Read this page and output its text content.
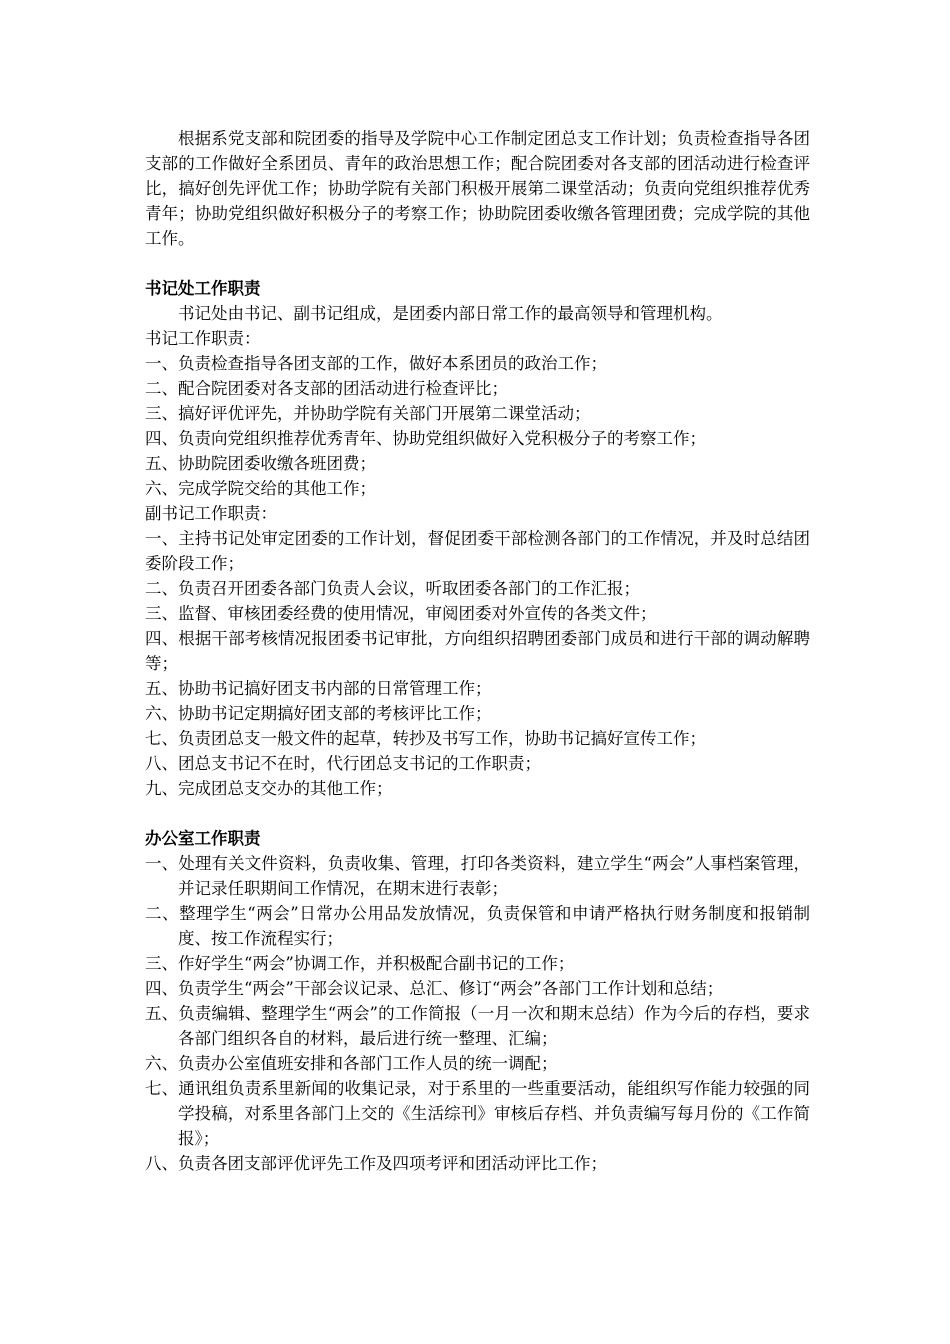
根据系党支部和院团委的指导及学院中心工作制定团总支工作计划；负责检查指导各团支部的工作做好全系团员、青年的政治思想工作；配合院团委对各支部的团活动进行检查评比，搞好创先评优工作；协助学院有关部门积极开展第二课堂活动；负责向党组织推荐优秀青年；协助党组织做好积极分子的考察工作；协助院团委收缴各管理团费；完成学院的其他工作。

书记处工作职责

书记处由书记、副书记组成，是团委内部日常工作的最高领导和管理机构。

书记工作职责：

一、负责检查指导各团支部的工作，做好本系团员的政治工作；

二、配合院团委对各支部的团活动进行检查评比；

三、搞好评优评先，并协助学院有关部门开展第二课堂活动；

四、负责向党组织推荐优秀青年、协助党组织做好入党积极分子的考察工作；

五、协助院团委收缴各班团费；

六、完成学院交给的其他工作；

副书记工作职责：

一、主持书记处审定团委的工作计划，督促团委干部检测各部门的工作情况，并及时总结团委阶段工作；

二、负责召开团委各部门负责人会议，听取团委各部门的工作汇报；

三、监督、审核团委经费的使用情况，审阅团委对外宣传的各类文件；

四、根据干部考核情况报团委书记审批，方向组织招聘团委部门成员和进行干部的调动解聘等；

五、协助书记搞好团支书内部的日常管理工作；

六、协助书记定期搞好团支部的考核评比工作；

七、负责团总支一般文件的起草，转抄及书写工作，协助书记搞好宣传工作；

八、团总支书记不在时，代行团总支书记的工作职责；

九、完成团总支交办的其他工作；

办公室工作职责

一、处理有关文件资料，负责收集、管理，打印各类资料，建立学生“两会”人事档案管理，并记录任职期间工作情况，在期末进行表彰；

二、整理学生“两会”日常办公用品发放情况，负责保管和申请严格执行财务制度和报销制度、按工作流程实行；

三、作好学生“两会”协调工作，并积极配合副书记的工作；

四、负责学生“两会”干部会议记录、总汇、修订“两会”各部门工作计划和总结；

五、负责编辑、整理学生“两会”的工作简报（一月一次和期末总结）作为今后的存档，要求各部门组织各自的材料，最后进行统一整理、汇编；

六、负责办公室值班安排和各部门工作人员的统一调配；

七、通讯组负责系里新闻的收集记录，对于系里的一些重要活动，能组织写作能力较强的同学投稿，对系里各部门上交的《生活综刊》审核后存档、并负责编写每月份的《工作简报》；

八、负责各团支部评优评先工作及四项考评和团活动评比工作；
